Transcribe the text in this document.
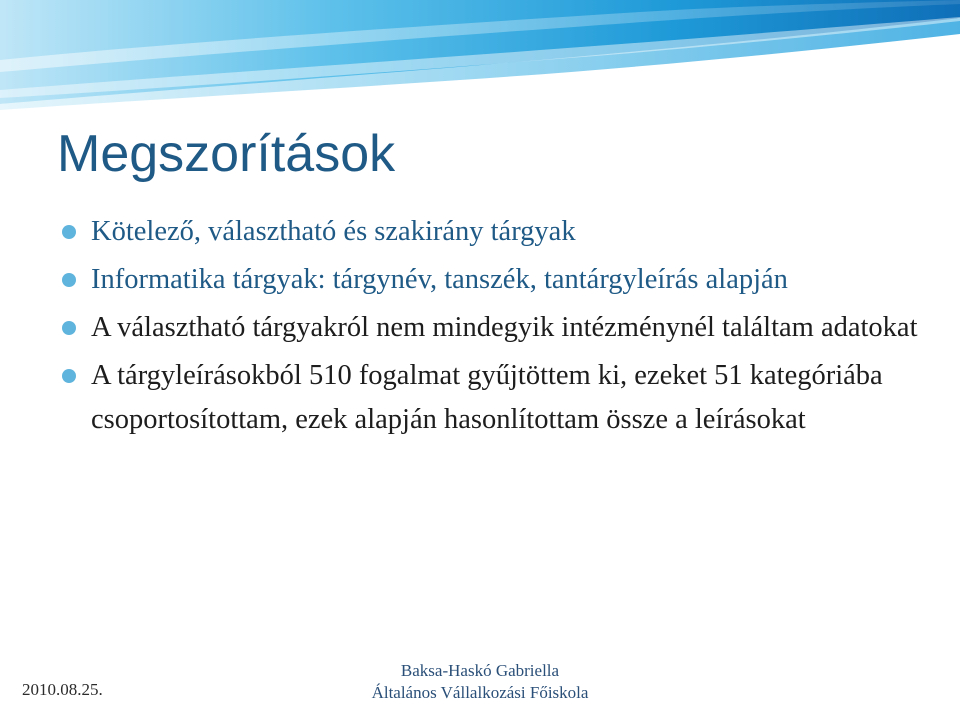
Megszorítások
Kötelező, választható és szakirány tárgyak
Informatika tárgyak: tárgynév, tanszék, tantárgyleírás alapján
A választható tárgyakról nem mindegyik intézménynél találtam adatokat
A tárgyleírásokból 510 fogalmat gyűjtöttem ki, ezeket 51 kategóriába csoportosítottam, ezek alapján hasonlítottam össze a leírásokat
2010.08.25.
Baksa-Haskó Gabriella
Általános Vállalkozási Főiskola
